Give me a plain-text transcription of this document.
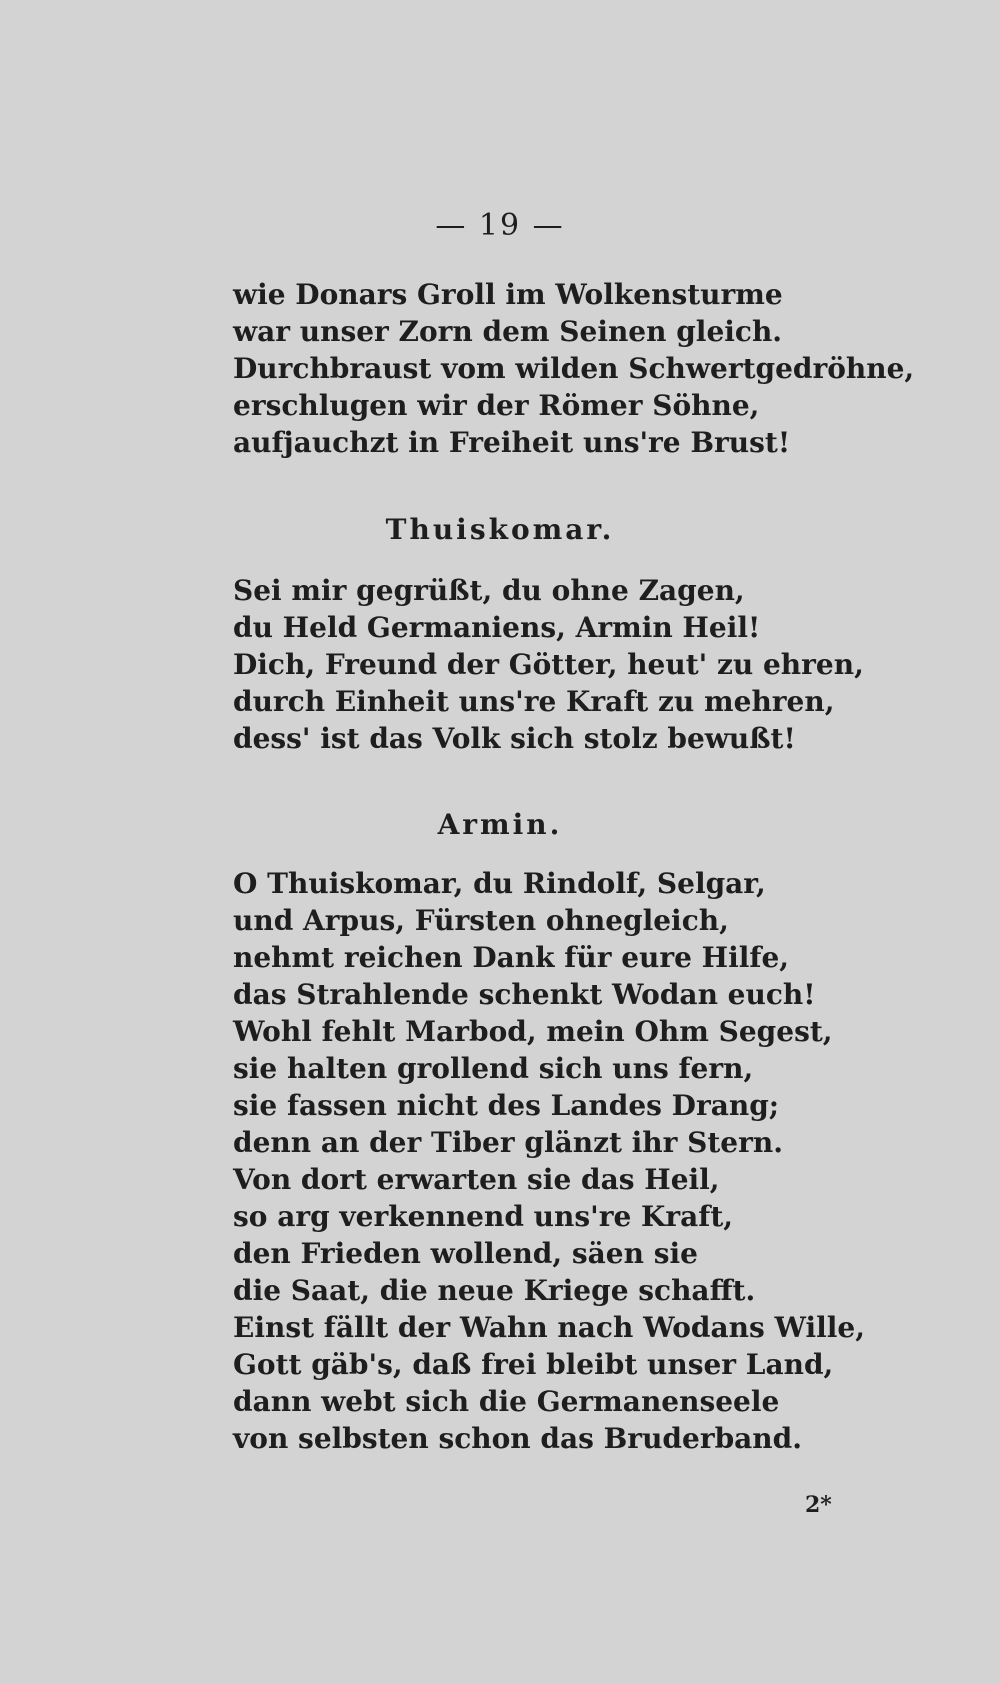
— 19 —
wie Donars Groll im Wolkensturme
war unser Zorn dem Seinen gleich.
Durchbraust vom wilden Schwertgedröhne,
erschlugen wir der Römer Söhne,
aufjauchzt in Freiheit uns're Brust!
Thuiskomar.
Sei mir gegrüßt, du ohne Zagen,
du Held Germaniens, Armin Heil!
Dich, Freund der Götter, heut' zu ehren,
durch Einheit uns're Kraft zu mehren,
dess' ist das Volk sich stolz bewußt!
Armin.
O Thuiskomar, du Rindolf, Selgar,
und Arpus, Fürsten ohnegleich,
nehmt reichen Dank für eure Hilfe,
das Strahlende schenkt Wodan euch!
Wohl fehlt Marbod, mein Ohm Segest,
sie halten grollend sich uns fern,
sie fassen nicht des Landes Drang;
denn an der Tiber glänzt ihr Stern.
Von dort erwarten sie das Heil,
so arg verkennend uns're Kraft,
den Frieden wollend, säen sie
die Saat, die neue Kriege schafft.
Einst fällt der Wahn nach Wodans Wille,
Gott gäb's, daß frei bleibt unser Land,
dann webt sich die Germanenseele
von selbsten schon das Bruderband.
2*
